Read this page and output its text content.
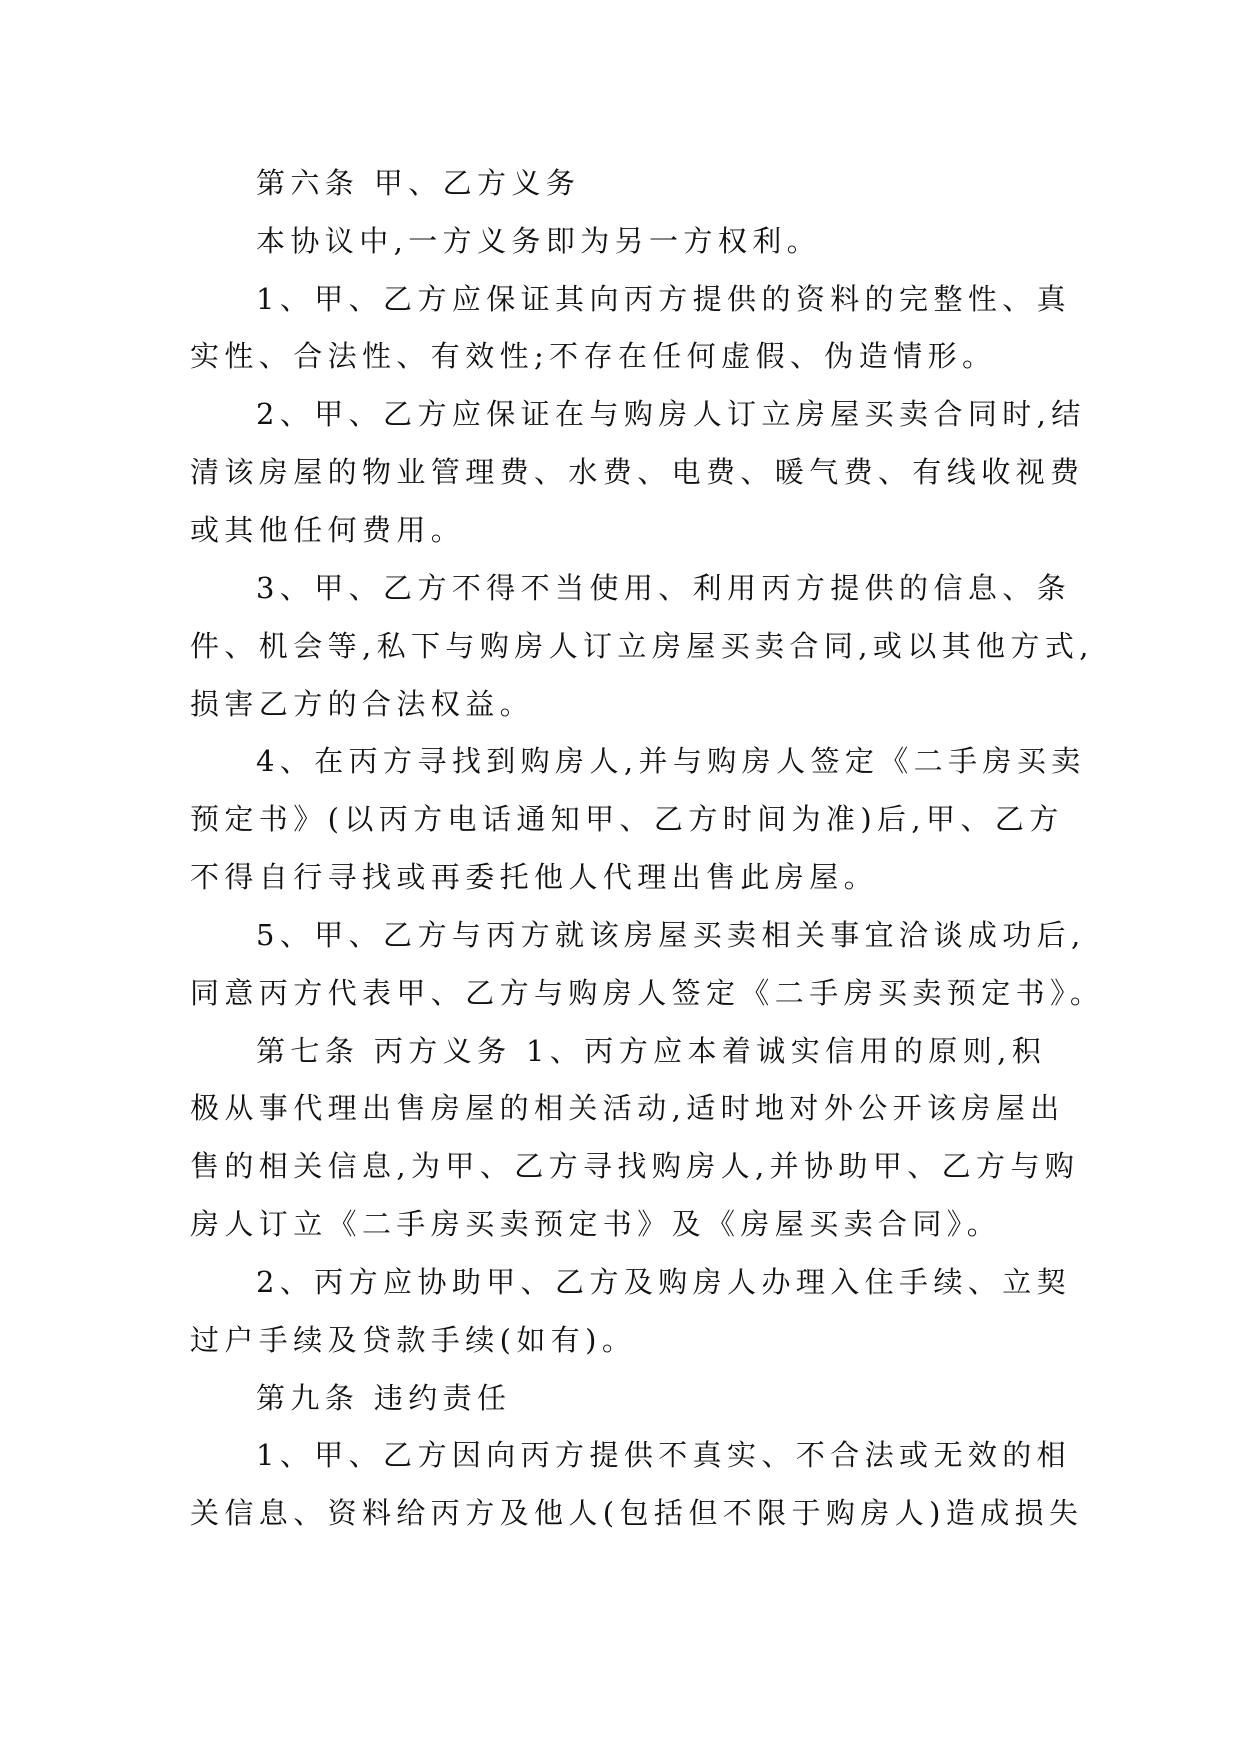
第六条 甲、乙方义务
本协议中,一方义务即为另一方权利。
1、甲、乙方应保证其向丙方提供的资料的完整性、真
实性、合法性、有效性;不存在任何虚假、伪造情形。
2、甲、乙方应保证在与购房人订立房屋买卖合同时,结
清该房屋的物业管理费、水费、电费、暖气费、有线收视费
或其他任何费用。
3、甲、乙方不得不当使用、利用丙方提供的信息、条
件、机会等,私下与购房人订立房屋买卖合同,或以其他方式,
损害乙方的合法权益。
4、在丙方寻找到购房人,并与购房人签定《二手房买卖
预定书》(以丙方电话通知甲、乙方时间为准)后,甲、乙方
不得自行寻找或再委托他人代理出售此房屋。
5、甲、乙方与丙方就该房屋买卖相关事宜洽谈成功后,
同意丙方代表甲、乙方与购房人签定《二手房买卖预定书》。
第七条 丙方义务 1、丙方应本着诚实信用的原则,积
极从事代理出售房屋的相关活动,适时地对外公开该房屋出
售的相关信息,为甲、乙方寻找购房人,并协助甲、乙方与购
房人订立《二手房买卖预定书》及《房屋买卖合同》。
2、丙方应协助甲、乙方及购房人办理入住手续、立契
过户手续及贷款手续(如有)。
第九条 违约责任
1、甲、乙方因向丙方提供不真实、不合法或无效的相
关信息、资料给丙方及他人(包括但不限于购房人)造成损失
